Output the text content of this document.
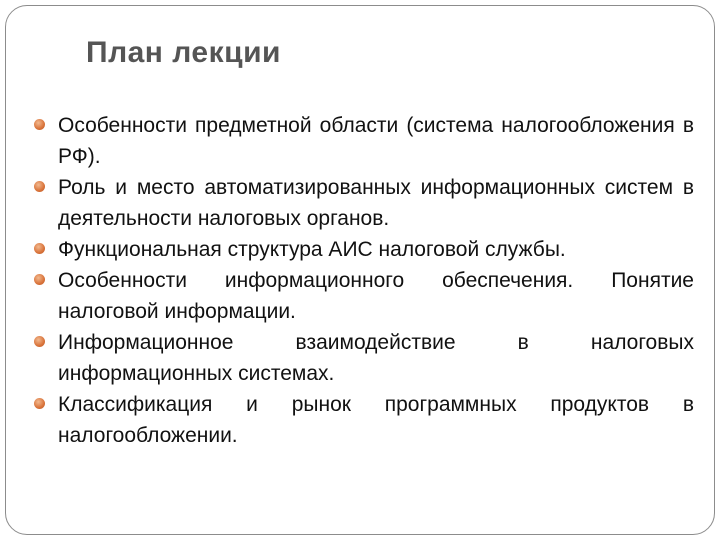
План лекции
Особенности предметной области (система налогообложения в РФ).
Роль и место автоматизированных информационных систем в деятельности налоговых органов.
Функциональная структура АИС налоговой службы.
Особенности информационного обеспечения. Понятие налоговой информации.
Информационное взаимодействие в налоговых информационных системах.
Классификация и рынок программных продуктов в налогообложении.
